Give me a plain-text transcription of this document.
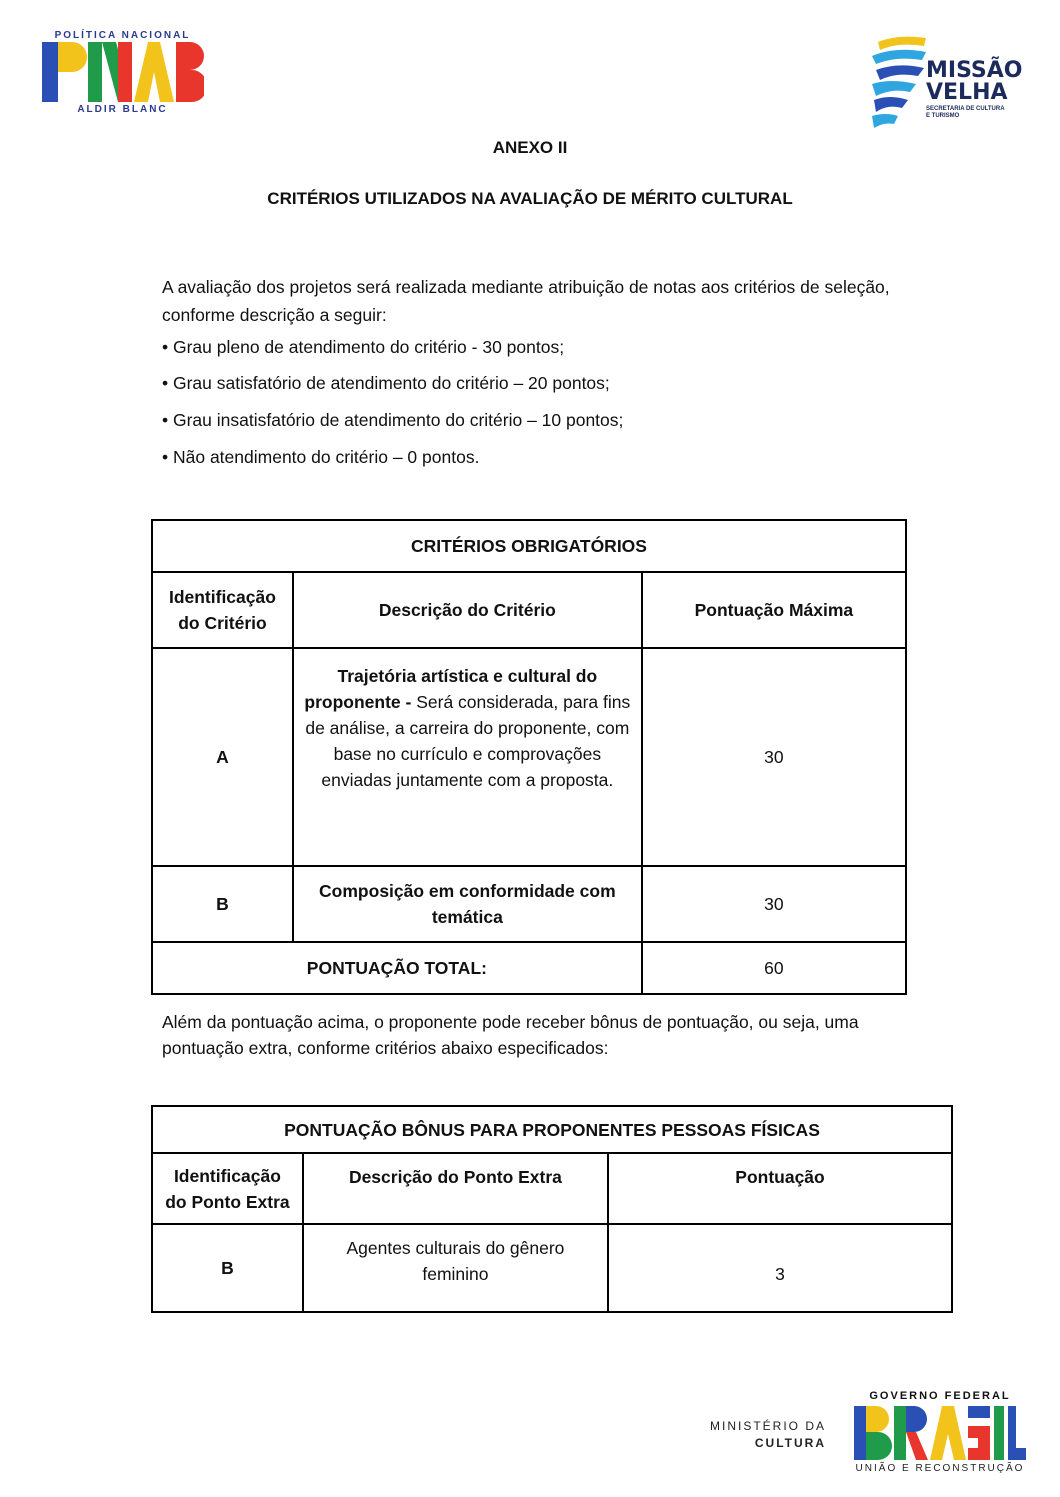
POLÍTICA NACIONAL
ALDIR BLANC
MISSÃO
VELHA
SECRETARIA DE CULTURA E TURISMO
ANEXO II
CRITÉRIOS UTILIZADOS NA AVALIAÇÃO DE MÉRITO CULTURAL
A avaliação dos projetos será realizada mediante atribuição de notas aos critérios de seleção, conforme descrição a seguir:
• Grau pleno de atendimento do critério - 30 pontos;
• Grau satisfatório de atendimento do critério – 20 pontos;
• Grau insatisfatório de atendimento do critério – 10 pontos;
• Não atendimento do critério – 0 pontos.
CRITÉRIOS OBRIGATÓRIOS		
Identificação do Critério	Descrição do Critério	Pontuação Máxima
A	Trajetória artística e cultural do proponente - Será considerada, para fins de análise, a carreira do proponente, com base no currículo e comprovações enviadas juntamente com a proposta.	30
B	Composição em conformidade com temática	30
PONTUAÇÃO TOTAL:		60
Além da pontuação acima, o proponente pode receber bônus de pontuação, ou seja, uma pontuação extra, conforme critérios abaixo especificados:
PONTUAÇÃO BÔNUS PARA PROPONENTES PESSOAS FÍSICAS		
Identificação do Ponto Extra	Descrição do Ponto Extra	Pontuação
B	Agentes culturais do gênero feminino	3
MINISTÉRIO DA
CULTURA
GOVERNO FEDERAL
UNIÃO E RECONSTRUÇÃO
